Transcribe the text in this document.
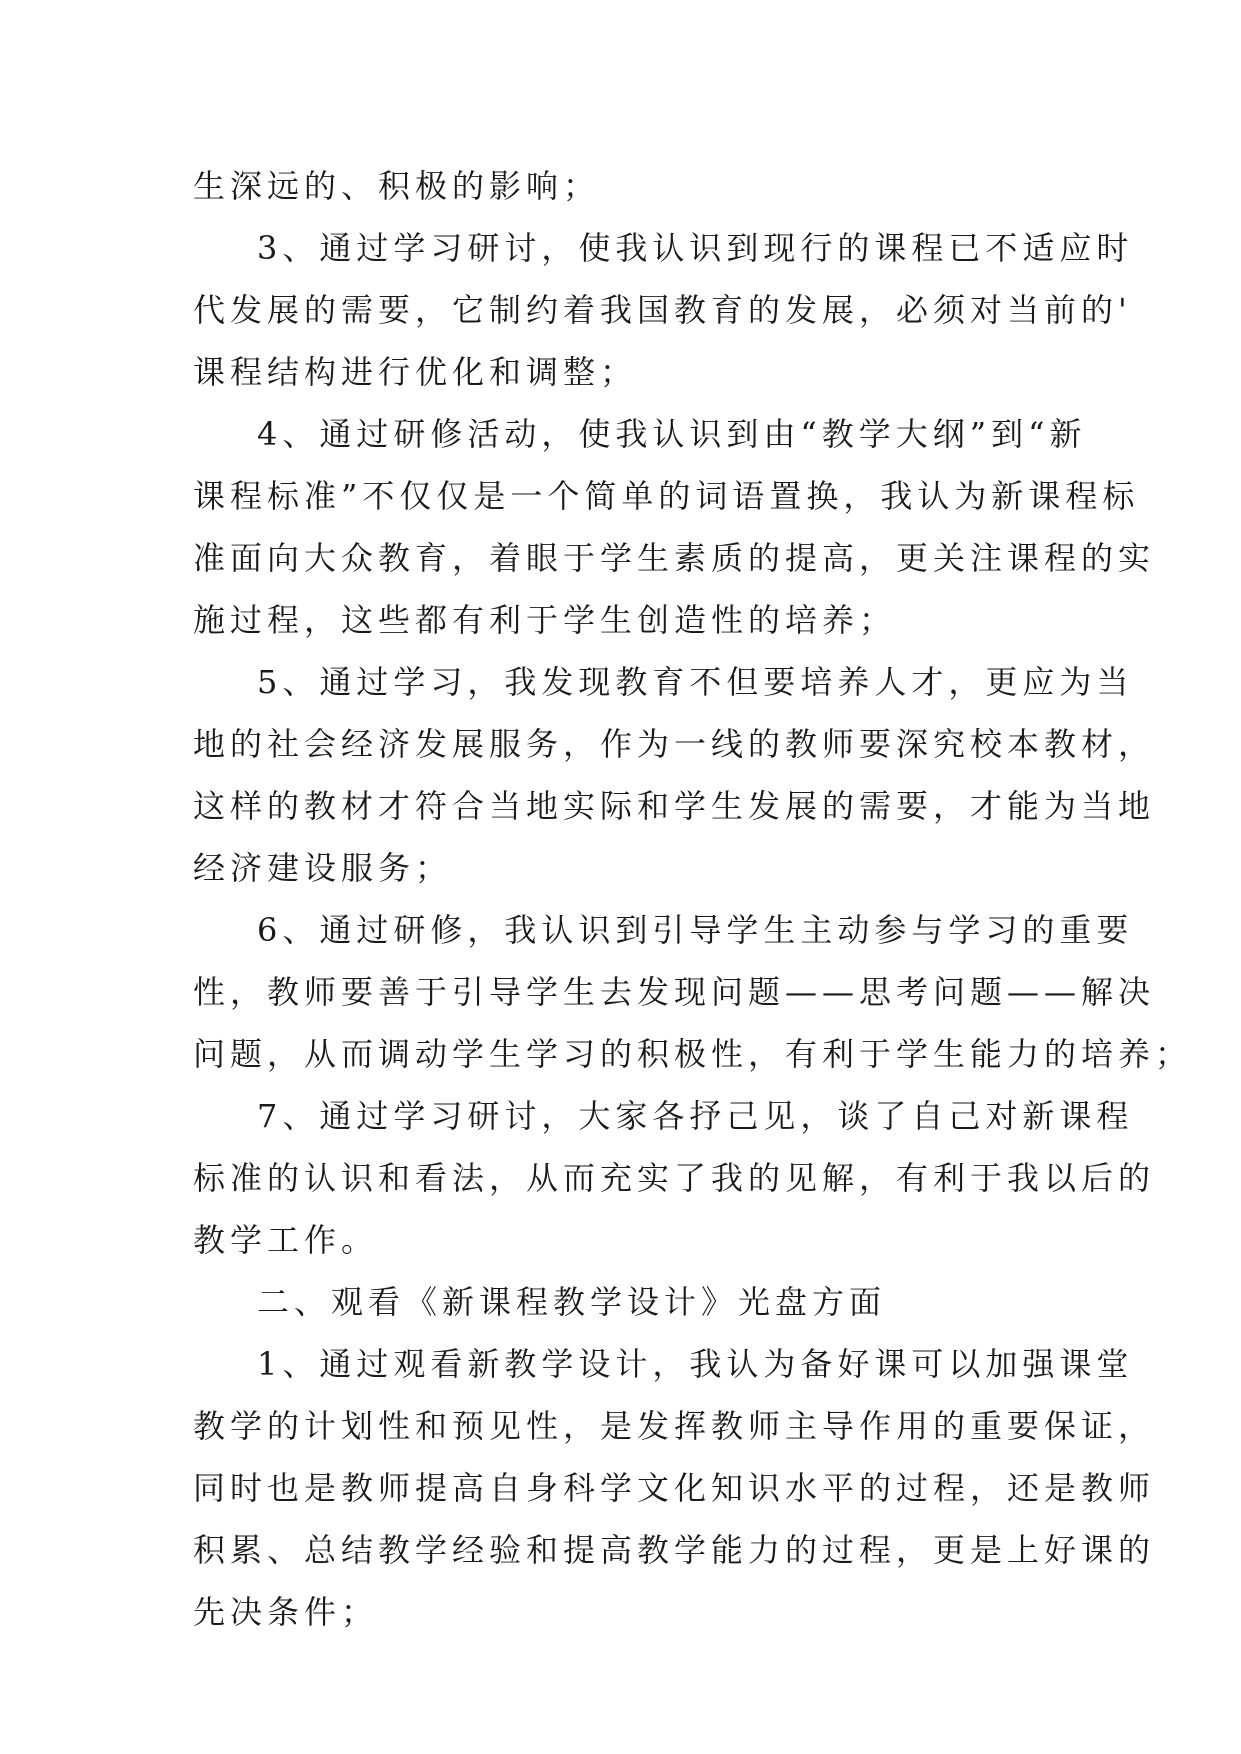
生深远的、积极的影响；
3、通过学习研讨，使我认识到现行的课程已不适应时
代发展的需要，它制约着我国教育的发展，必须对当前的'
课程结构进行优化和调整；
4、通过研修活动，使我认识到由“教学大纲”到“新
课程标准”不仅仅是一个简单的词语置换，我认为新课程标
准面向大众教育，着眼于学生素质的提高，更关注课程的实
施过程，这些都有利于学生创造性的培养；
5、通过学习，我发现教育不但要培养人才，更应为当
地的社会经济发展服务，作为一线的教师要深究校本教材，
这样的教材才符合当地实际和学生发展的需要，才能为当地
经济建设服务；
6、通过研修，我认识到引导学生主动参与学习的重要
性，教师要善于引导学生去发现问题——思考问题——解决
问题，从而调动学生学习的积极性，有利于学生能力的培养；
7、通过学习研讨，大家各抒己见，谈了自己对新课程
标准的认识和看法，从而充实了我的见解，有利于我以后的
教学工作。
二、观看《新课程教学设计》光盘方面
1、通过观看新教学设计，我认为备好课可以加强课堂
教学的计划性和预见性，是发挥教师主导作用的重要保证，
同时也是教师提高自身科学文化知识水平的过程，还是教师
积累、总结教学经验和提高教学能力的过程，更是上好课的
先决条件；
